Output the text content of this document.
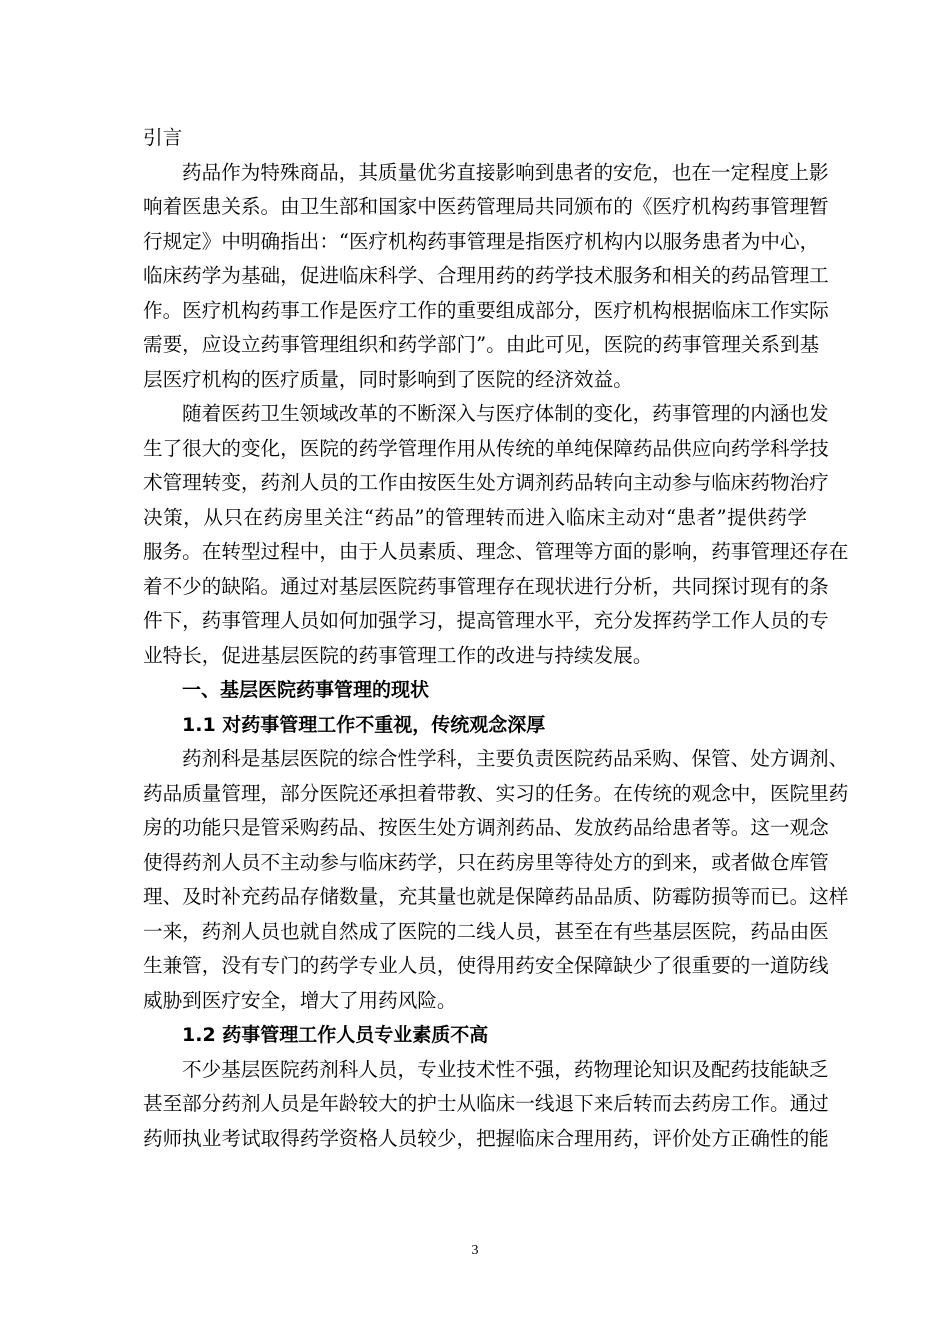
引言
药品作为特殊商品，其质量优劣直接影响到患者的安危，也在一定程度上影
响着医患关系。由卫生部和国家中医药管理局共同颁布的《医疗机构药事管理暂
行规定》中明确指出：“医疗机构药事管理是指医疗机构内以服务患者为中心，
临床药学为基础，促进临床科学、合理用药的药学技术服务和相关的药品管理工
作。医疗机构药事工作是医疗工作的重要组成部分，医疗机构根据临床工作实际
需要，应设立药事管理组织和药学部门”。由此可见，医院的药事管理关系到基
层医疗机构的医疗质量，同时影响到了医院的经济效益。
随着医药卫生领域改革的不断深入与医疗体制的变化，药事管理的内涵也发
生了很大的变化，医院的药学管理作用从传统的单纯保障药品供应向药学科学技
术管理转变，药剂人员的工作由按医生处方调剂药品转向主动参与临床药物治疗
决策，从只在药房里关注“药品”的管理转而进入临床主动对“患者”提供药学
服务。在转型过程中，由于人员素质、理念、管理等方面的影响，药事管理还存在
着不少的缺陷。通过对基层医院药事管理存在现状进行分析，共同探讨现有的条
件下，药事管理人员如何加强学习，提高管理水平，充分发挥药学工作人员的专
业特长，促进基层医院的药事管理工作的改进与持续发展。
一、基层医院药事管理的现状
1.1 对药事管理工作不重视，传统观念深厚
药剂科是基层医院的综合性学科，主要负责医院药品采购、保管、处方调剂、
药品质量管理，部分医院还承担着带教、实习的任务。在传统的观念中，医院里药
房的功能只是管采购药品、按医生处方调剂药品、发放药品给患者等。这一观念
使得药剂人员不主动参与临床药学，只在药房里等待处方的到来，或者做仓库管
理、及时补充药品存储数量，充其量也就是保障药品品质、防霉防损等而已。这样
一来，药剂人员也就自然成了医院的二线人员，甚至在有些基层医院，药品由医
生兼管，没有专门的药学专业人员，使得用药安全保障缺少了很重要的一道防线
威胁到医疗安全，增大了用药风险。
1.2 药事管理工作人员专业素质不高
不少基层医院药剂科人员，专业技术性不强，药物理论知识及配药技能缺乏
甚至部分药剂人员是年龄较大的护士从临床一线退下来后转而去药房工作。通过
药师执业考试取得药学资格人员较少，把握临床合理用药，评价处方正确性的能
3
